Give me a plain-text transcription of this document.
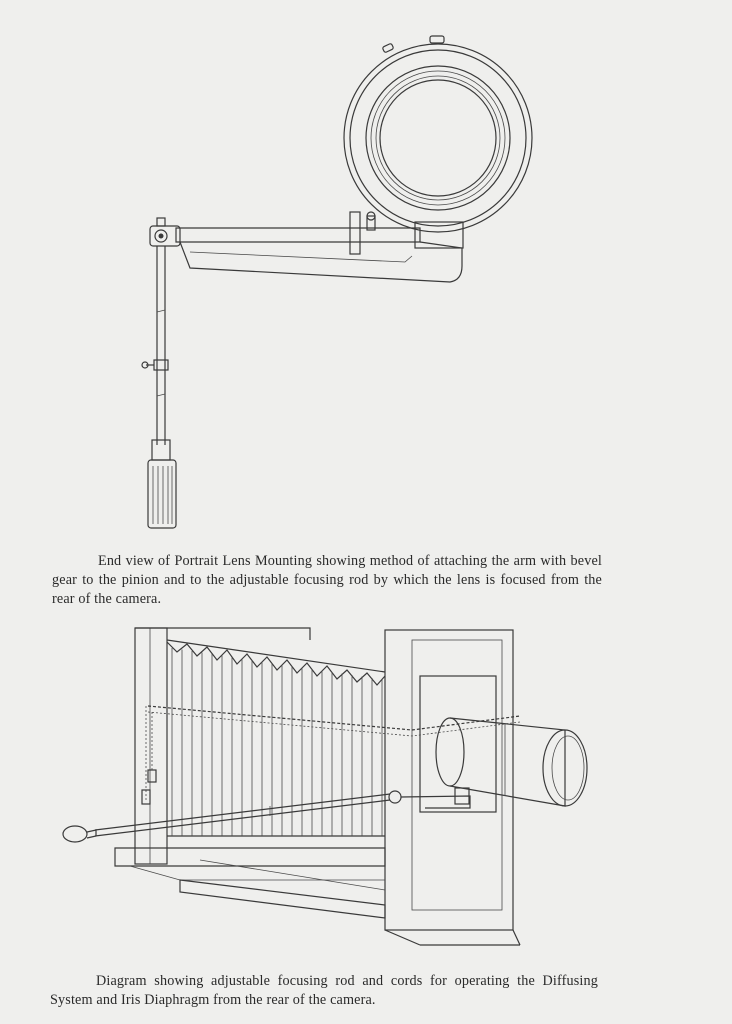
End view of Portrait Lens Mounting showing method of attaching the arm with bevel gear to the pinion and to the adjustable focusing rod by which the lens is focused from the rear of the camera.

Diagram showing adjustable focusing rod and cords for operating the Diffusing System and Iris Diaphragm from the rear of the camera.
